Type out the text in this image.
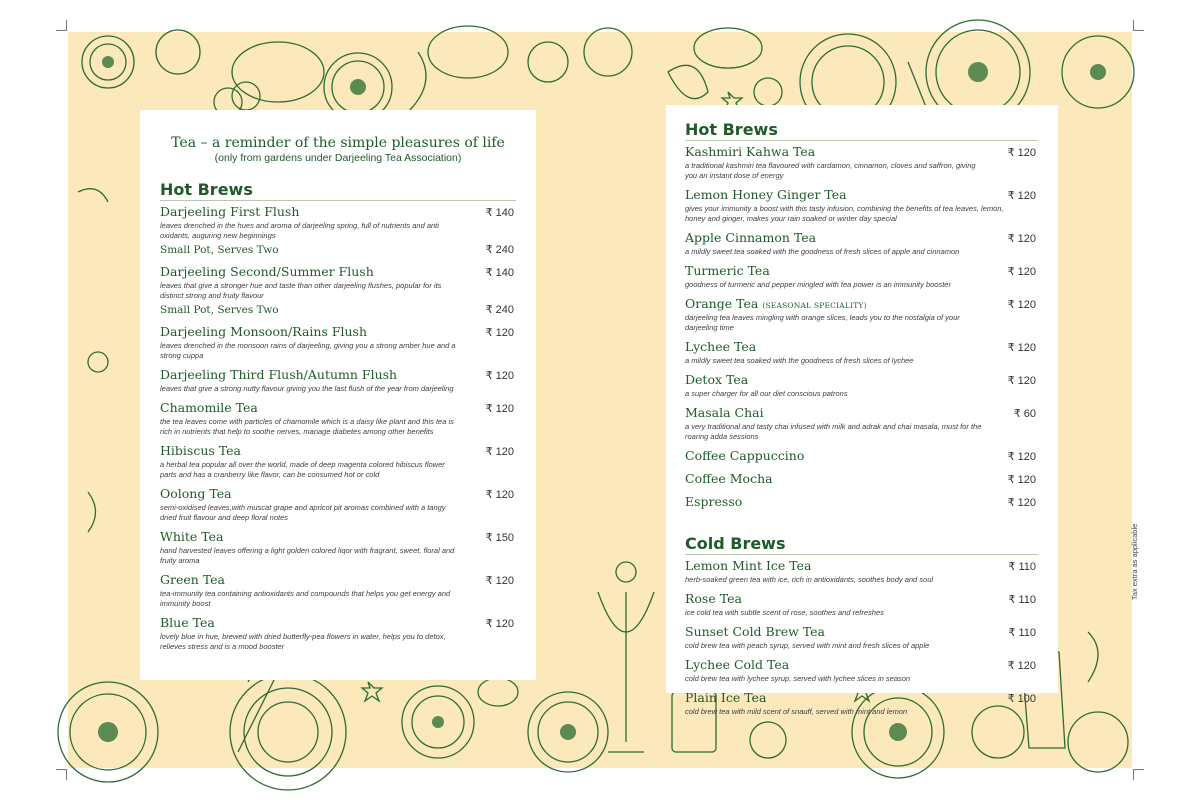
Tax extra as applicable
Tea – a reminder of the simple pleasures of life
(only from gardens under Darjeeling Tea Association)
Hot Brews
Darjeeling First Flush	₹ 140
leaves drenched in the hues and aroma of darjeeling spring, full of nutrients and anti oxidants, auguring new beginnings
Small Pot, Serves Two	₹ 240
Darjeeling Second/Summer Flush	₹ 140
leaves that give a stronger hue and taste than other darjeeling flushes, popular for its distinct strong and fruity flavour
Small Pot, Serves Two	₹ 240
Darjeeling Monsoon/Rains Flush	₹ 120
leaves drenched in the monsoon rains of darjeeling, giving you a strong amber hue and a strong cuppa
Darjeeling Third Flush/Autumn Flush	₹ 120
leaves that give a strong nutty flavour giving you the last flush of the year from darjeeling
Chamomile Tea	₹ 120
the tea leaves come with particles of chamomile which is a daisy like plant and this tea is rich in nutrients that help to soothe nerves, manage diabetes among other benefits
Hibiscus Tea	₹ 120
a herbal tea popular all over the world, made of deep magenta colored hibiscus flower parts and has a cranberry like flavor, can be consumed hot or cold
Oolong Tea	₹ 120
semi-oxidised leaves,with muscat grape and apricot pit aromas combined with a tangy dried fruit flavour and deep floral notes
White Tea	₹ 150
hand harvested leaves offering a light golden colored liqor with fragrant, sweet, floral and fruity aroma
Green Tea	₹ 120
tea-immunity tea containing antioxidants and compounds that helps you get energy and immunity boost
Blue Tea	₹ 120
lovely blue in hue, brewed with dried butterfly-pea flowers in water, helps you to detox, relieves stress and is a mood booster
Hot Brews
Kashmiri Kahwa Tea	₹ 120
a traditional kashmiri tea flavoured with cardamon, cinnamon, cloves and saffron, giving you an instant dose of energy
Lemon Honey Ginger Tea	₹ 120
gives your immunity a boost with this tasty infusion, combining the benefits of tea leaves, lemon, honey and ginger, makes your rain soaked or winter day special
Apple Cinnamon Tea	₹ 120
a mildly sweet tea soaked with the goodness of fresh slices of apple and cinnamon
Turmeric Tea	₹ 120
goodness of turmeric and pepper mingled with tea power is an immunity booster
Orange Tea (SEASONAL SPECIALITY)	₹ 120
darjeeling tea leaves mingling with orange slices, leads you to the nostalgia of your darjeeling time
Lychee Tea	₹ 120
a mildly sweet tea soaked with the goodness of fresh slices of lychee
Detox Tea	₹ 120
a super charger for all our diet conscious patrons
Masala Chai	₹ 60
a very traditional and tasty chai infused with milk and adrak and chai masala, must for the roaring adda sessions
Coffee Cappuccino	₹ 120
Coffee Mocha	₹ 120
Espresso	₹ 120
Cold Brews
Lemon Mint Ice Tea	₹ 110
herb-soaked green tea with ice, rich in antioxidants, soothes body and soul
Rose Tea	₹ 110
ice cold tea with subtle scent of rose, soothes and refreshes
Sunset Cold Brew Tea	₹ 110
cold brew tea with peach syrup, served with mint and fresh slices of apple
Lychee Cold Tea	₹ 120
cold brew tea with lychee syrup, served with lychee slices in season
Plain Ice Tea	₹ 100
cold brew tea with mild scent of snauff, served with mint and lemon
